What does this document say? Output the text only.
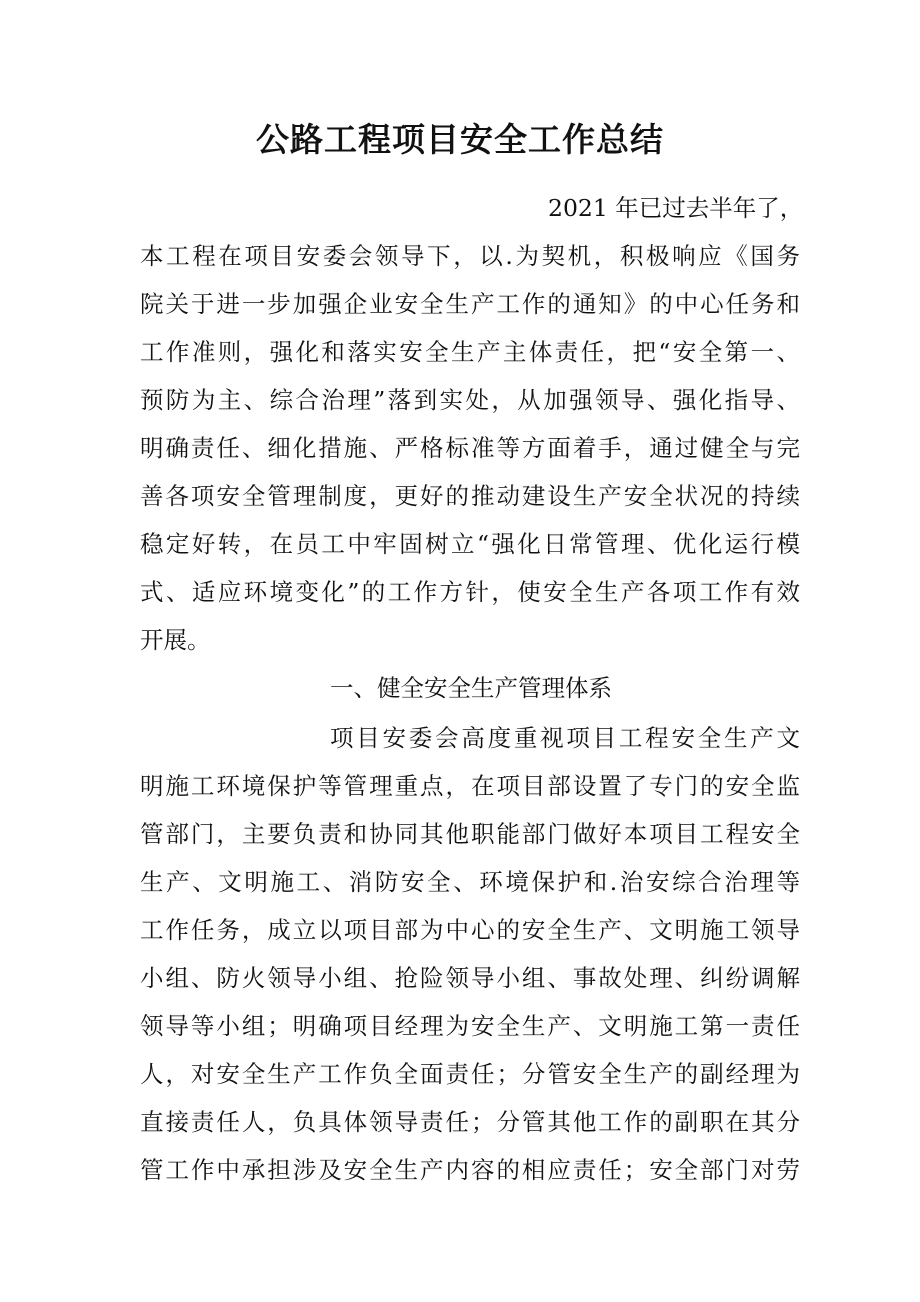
公路工程项目安全工作总结

2021 年已过去半年了，

本工程在项目安委会领导下，以.为契机，积极响应《国务

院关于进一步加强企业安全生产工作的通知》的中心任务和

工作准则，强化和落实安全生产主体责任，把“安全第一、

预防为主、综合治理”落到实处，从加强领导、强化指导、

明确责任、细化措施、严格标准等方面着手，通过健全与完

善各项安全管理制度，更好的推动建设生产安全状况的持续

稳定好转，在员工中牢固树立“强化日常管理、优化运行模

式、适应环境变化”的工作方针，使安全生产各项工作有效

开展。

一、健全安全生产管理体系

项目安委会高度重视项目工程安全生产文

明施工环境保护等管理重点，在项目部设置了专门的安全监

管部门，主要负责和协同其他职能部门做好本项目工程安全

生产、文明施工、消防安全、环境保护和.治安综合治理等

工作任务，成立以项目部为中心的安全生产、文明施工领导

小组、防火领导小组、抢险领导小组、事故处理、纠纷调解

领导等小组；明确项目经理为安全生产、文明施工第一责任

人，对安全生产工作负全面责任；分管安全生产的副经理为

直接责任人，负具体领导责任；分管其他工作的副职在其分

管工作中承担涉及安全生产内容的相应责任；安全部门对劳
